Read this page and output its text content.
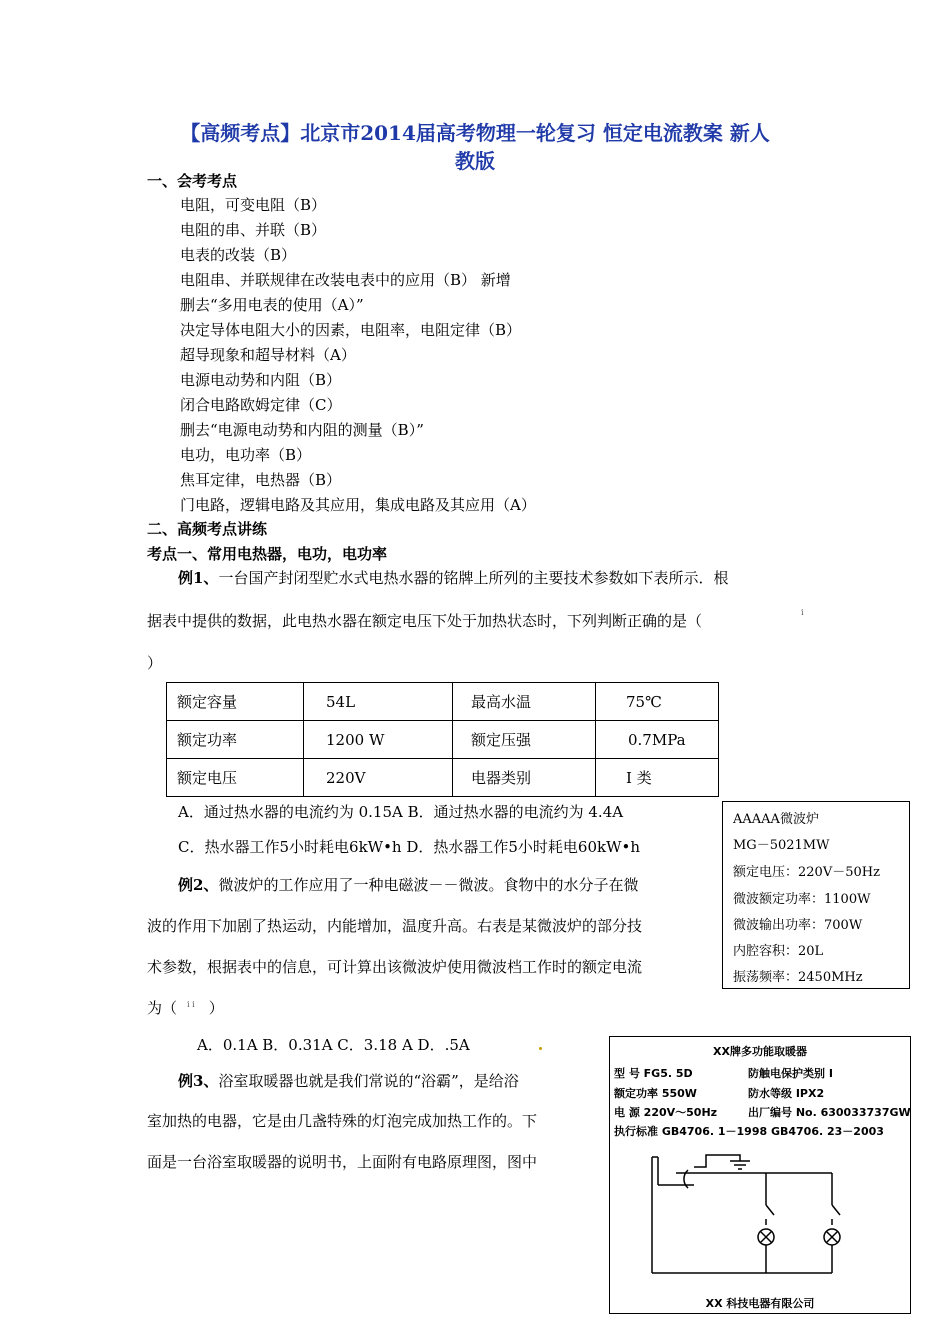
【高频考点】北京市2014届高考物理一轮复习 恒定电流教案 新人
教版
一、会考考点
电阻，可变电阻（B）
电阻的串、并联（B）
电表的改装（B）
电阻串、并联规律在改装电表中的应用（B） 新增
删去“多用电表的使用（A）”
决定导体电阻大小的因素，电阻率，电阻定律（B）
超导现象和超导材料（A）
电源电动势和内阻（B）
闭合电路欧姆定律（C）
删去“电源电动势和内阻的测量（B）”
电功，电功率（B）
焦耳定律，电热器（B）
门电路，逻辑电路及其应用，集成电路及其应用（A）
二、高频考点讲练
考点一、常用电热器，电功，电功率
例1、一台国产封闭型贮水式电热水器的铭牌上所列的主要技术参数如下表所示．根
据表中提供的数据，此电热水器在额定电压下处于加热状态时，下列判断正确的是（	i
）
额定容量	54L	最高水温	75℃
额定功率	1200 W	额定压强	0.7MPa
额定电压	220V	电器类别	I 类
A．通过热水器的电流约为 0.15A B．通过热水器的电流约为 4.4A
C．热水器工作5小时耗电6kW•h D．热水器工作5小时耗电60kW•h
AAAAA微波炉
MG－5021MW
额定电压：220V－50Hz
微波额定功率：1100W
微波输出功率：700W
内腔容积：20L
振荡频率：2450MHz
例2、微波炉的工作应用了一种电磁波－－微波。食物中的水分子在微
波的作用下加剧了热运动，内能增加，温度升高。右表是某微波炉的部分技
术参数，根据表中的信息，可计算出该微波炉使用微波档工作时的额定电流
为（ $^{i i}$ ）
A．0.1A B．0.31A C．3.18 A D．.5A
例3、浴室取暖器也就是我们常说的“浴霸”，是给浴
室加热的电器，它是由几盏特殊的灯泡完成加热工作的。下
面是一台浴室取暖器的说明书，上面附有电路原理图，图中
XX牌多功能取暖器
型 号 FG5. 5D	防触电保护类别 I
额定功率 550W	防水等级 IPX2
电 源 220V～50Hz	出厂编号 No. 630033737GW
执行标准 GB4706. 1－1998 GB4706. 23－2003
XX 科技电器有限公司
